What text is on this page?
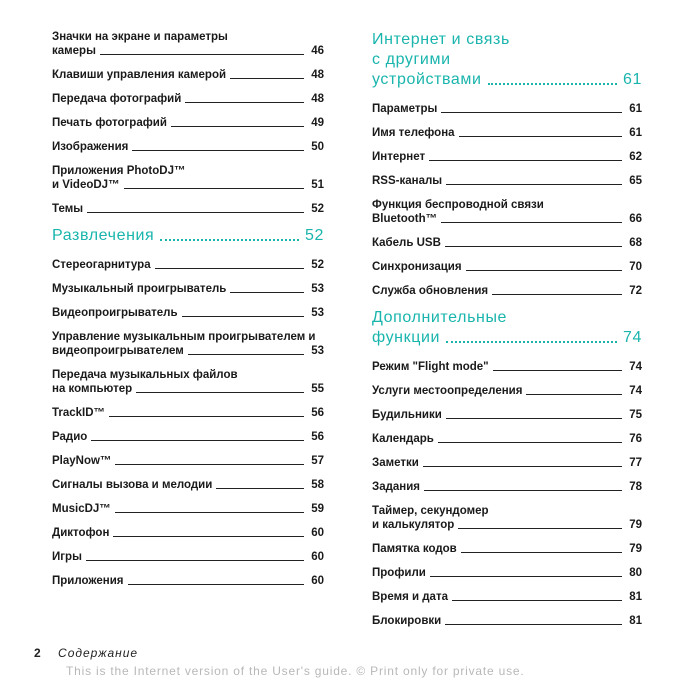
Значки на экране и параметры
камеры	46
Клавиши управления камерой	48
Передача фотографий	48
Печать фотографий	49
Изображения	50
Приложения PhotoDJ™
и VideoDJ™	51
Темы	52
Развлечения	52
Стереогарнитура	52
Музыкальный проигрыватель	53
Видеопроигрыватель	53
Управление музыкальным проигрывателем и
видеопроигрывателем	53
Передача музыкальных файлов
на компьютер	55
TrackID™	56
Радио	56
PlayNow™	57
Сигналы вызова и мелодии	58
MusicDJ™	59
Диктофон	60
Игры	60
Приложения	60
Интернет и связь
с другими
устройствами	61
Параметры	61
Имя телефона	61
Интернет	62
RSS-каналы	65
Функция беспроводной связи
Bluetooth™	66
Кабель USB	68
Синхронизация	70
Служба обновления	72
Дополнительные
функции	74
Режим "Flight mode"	74
Услуги местоопределения	74
Будильники	75
Календарь	76
Заметки	77
Задания	78
Таймер, секундомер
и калькулятор	79
Памятка кодов	79
Профили	80
Время и дата	81
Блокировки	81
2 Содержание
This is the Internet version of the User's guide. © Print only for private use.
